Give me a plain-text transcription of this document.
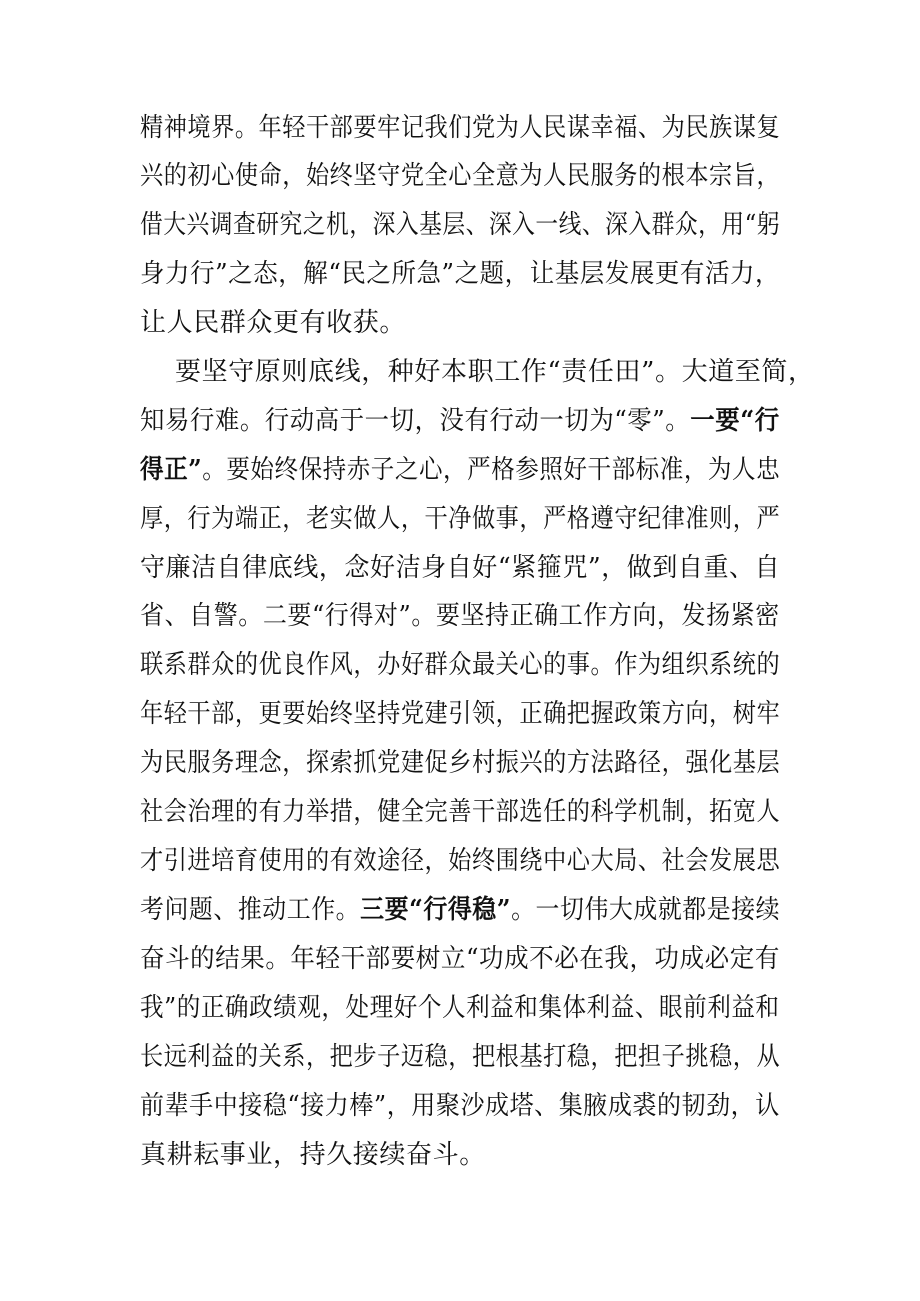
精神境界。年轻干部要牢记我们党为人民谋幸福、为民族谋复
兴的初心使命，始终坚守党全心全意为人民服务的根本宗旨，
借大兴调查研究之机，深入基层、深入一线、深入群众，用“躬
身力行”之态，解“民之所急”之题，让基层发展更有活力，
让人民群众更有收获。
要坚守原则底线，种好本职工作“责任田”。大道至简，
知易行难。行动高于一切，没有行动一切为“零”。一要“行
得正”。要始终保持赤子之心，严格参照好干部标准，为人忠
厚，行为端正，老实做人，干净做事，严格遵守纪律准则，严
守廉洁自律底线，念好洁身自好“紧箍咒”，做到自重、自
省、自警。二要“行得对”。要坚持正确工作方向，发扬紧密
联系群众的优良作风，办好群众最关心的事。作为组织系统的
年轻干部，更要始终坚持党建引领，正确把握政策方向，树牢
为民服务理念，探索抓党建促乡村振兴的方法路径，强化基层
社会治理的有力举措，健全完善干部选任的科学机制，拓宽人
才引进培育使用的有效途径，始终围绕中心大局、社会发展思
考问题、推动工作。三要“行得稳”。一切伟大成就都是接续
奋斗的结果。年轻干部要树立“功成不必在我，功成必定有
我”的正确政绩观，处理好个人利益和集体利益、眼前利益和
长远利益的关系，把步子迈稳，把根基打稳，把担子挑稳，从
前辈手中接稳“接力棒”，用聚沙成塔、集腋成裘的韧劲，认
真耕耘事业，持久接续奋斗。
